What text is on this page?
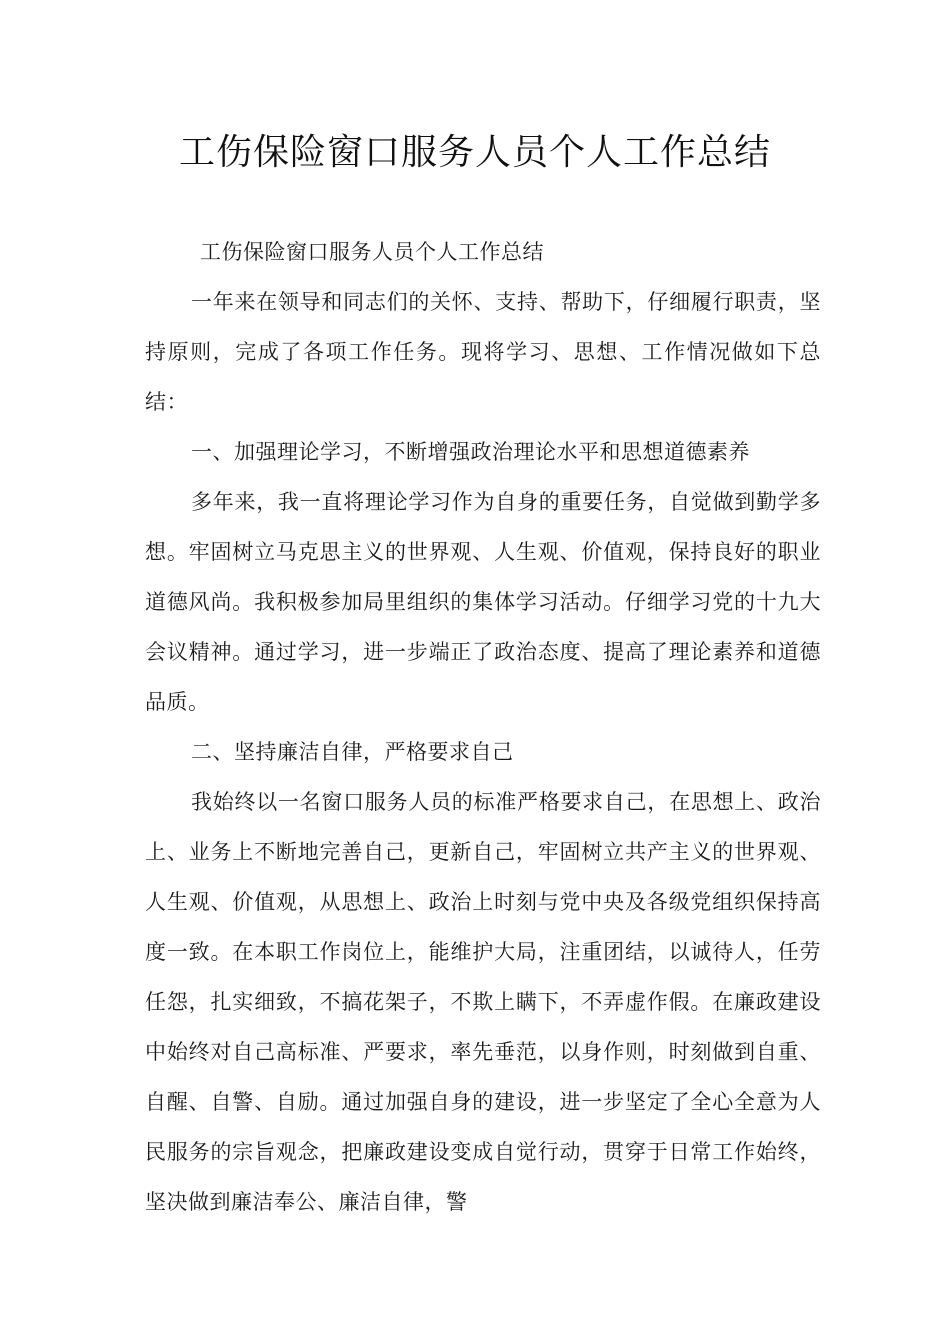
工伤保险窗口服务人员个人工作总结

工伤保险窗口服务人员个人工作总结

一年来在领导和同志们的关怀、支持、帮助下，仔细履行职责，坚持原则，完成了各项工作任务。现将学习、思想、工作情况做如下总结：

一、加强理论学习，不断增强政治理论水平和思想道德素养

多年来，我一直将理论学习作为自身的重要任务，自觉做到勤学多想。牢固树立马克思主义的世界观、人生观、价值观，保持良好的职业道德风尚。我积极参加局里组织的集体学习活动。仔细学习党的十九大会议精神。通过学习，进一步端正了政治态度、提高了理论素养和道德品质。

二、坚持廉洁自律，严格要求自己

我始终以一名窗口服务人员的标准严格要求自己，在思想上、政治上、业务上不断地完善自己，更新自己，牢固树立共产主义的世界观、人生观、价值观，从思想上、政治上时刻与党中央及各级党组织保持高度一致。在本职工作岗位上，能维护大局，注重团结，以诚待人，任劳任怨，扎实细致，不搞花架子，不欺上瞒下，不弄虚作假。在廉政建设中始终对自己高标准、严要求，率先垂范，以身作则，时刻做到自重、自醒、自警、自励。通过加强自身的建设，进一步坚定了全心全意为人民服务的宗旨观念，把廉政建设变成自觉行动，贯穿于日常工作始终，坚决做到廉洁奉公、廉洁自律，警
